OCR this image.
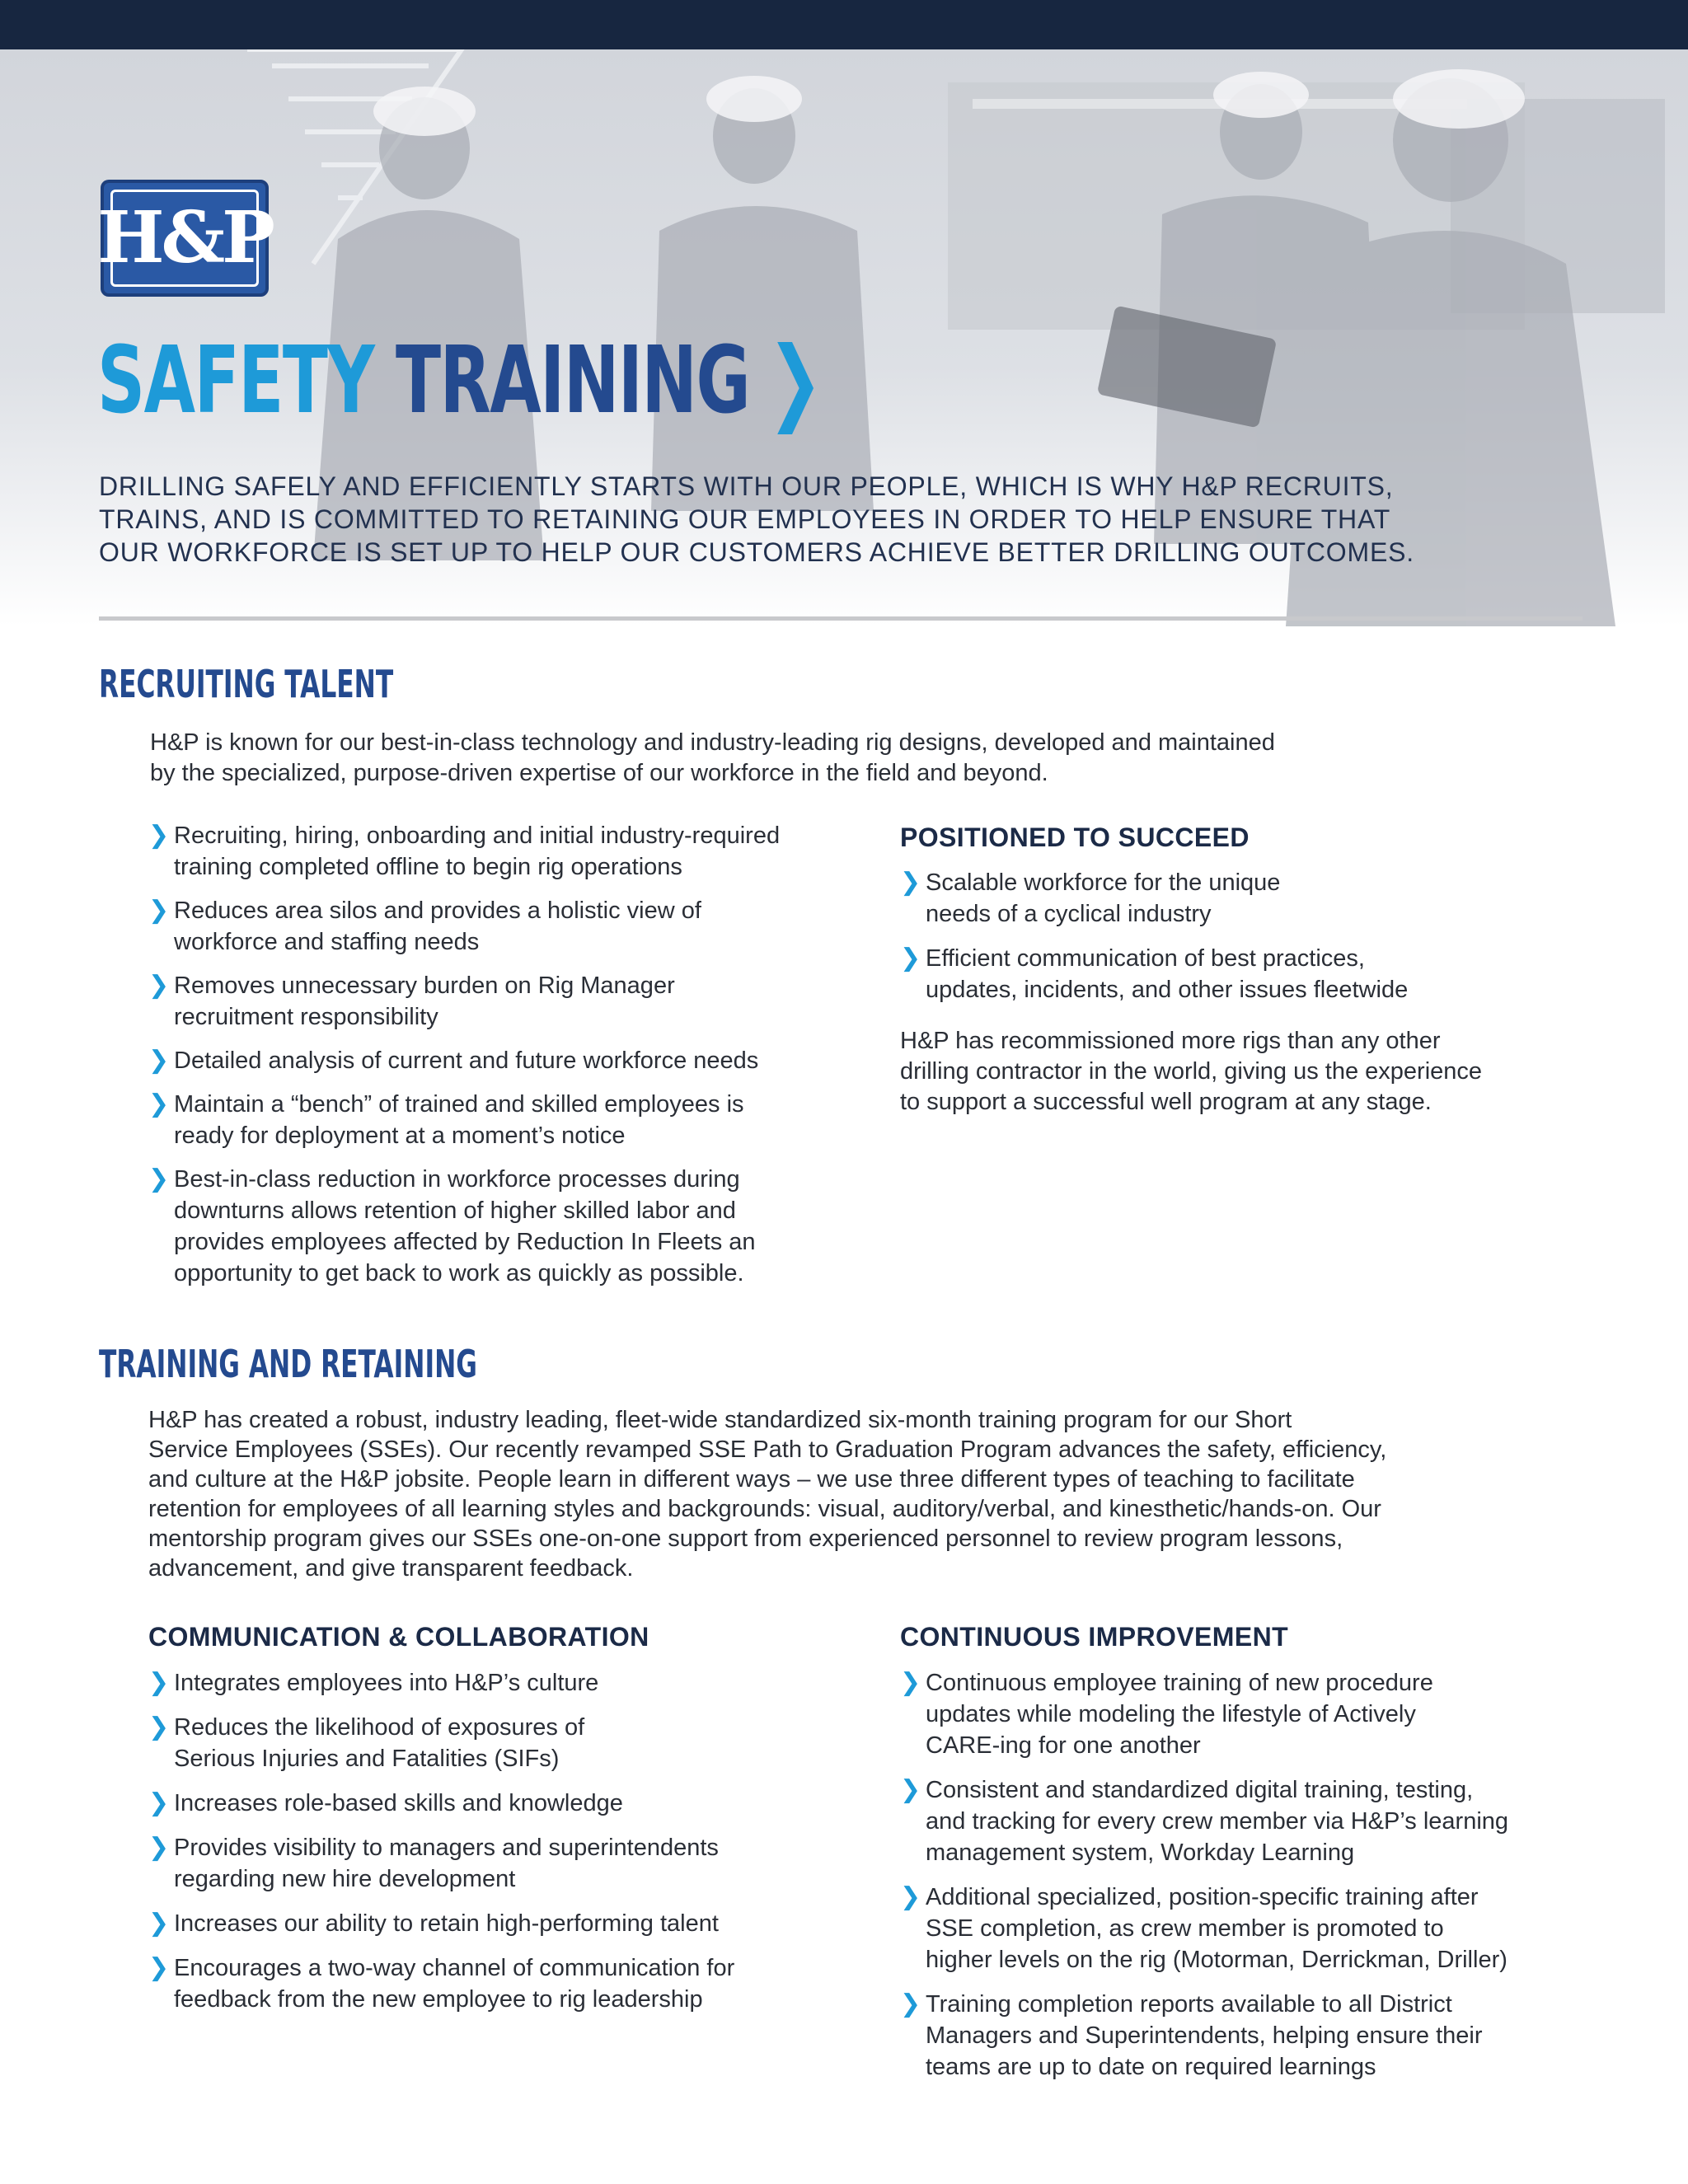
H&P
SAFETY TRAINING ❯
DRILLING SAFELY AND EFFICIENTLY STARTS WITH OUR PEOPLE, WHICH IS WHY H&P RECRUITS,
TRAINS, AND IS COMMITTED TO RETAINING OUR EMPLOYEES IN ORDER TO HELP ENSURE THAT
OUR WORKFORCE IS SET UP TO HELP OUR CUSTOMERS ACHIEVE BETTER DRILLING OUTCOMES.
RECRUITING TALENT
H&P is known for our best-in-class technology and industry-leading rig designs, developed and maintained
by the specialized, purpose-driven expertise of our workforce in the field and beyond.
❯ Recruiting, hiring, onboarding and initial industry-required
training completed offline to begin rig operations
❯ Reduces area silos and provides a holistic view of
workforce and staffing needs
❯ Removes unnecessary burden on Rig Manager
recruitment responsibility
❯ Detailed analysis of current and future workforce needs
❯ Maintain a “bench” of trained and skilled employees is
ready for deployment at a moment’s notice
❯ Best-in-class reduction in workforce processes during
downturns allows retention of higher skilled labor and
provides employees affected by Reduction In Fleets an
opportunity to get back to work as quickly as possible.
POSITIONED TO SUCCEED
❯ Scalable workforce for the unique
needs of a cyclical industry
❯ Efficient communication of best practices,
updates, incidents, and other issues fleetwide
H&P has recommissioned more rigs than any other
drilling contractor in the world, giving us the experience
to support a successful well program at any stage.
TRAINING AND RETAINING
H&P has created a robust, industry leading, fleet-wide standardized six-month training program for our Short
Service Employees (SSEs). Our recently revamped SSE Path to Graduation Program advances the safety, efficiency,
and culture at the H&P jobsite. People learn in different ways – we use three different types of teaching to facilitate
retention for employees of all learning styles and backgrounds: visual, auditory/verbal, and kinesthetic/hands-on. Our
mentorship program gives our SSEs one-on-one support from experienced personnel to review program lessons,
advancement, and give transparent feedback.
COMMUNICATION & COLLABORATION
❯ Integrates employees into H&P’s culture
❯ Reduces the likelihood of exposures of
Serious Injuries and Fatalities (SIFs)
❯ Increases role-based skills and knowledge
❯ Provides visibility to managers and superintendents
regarding new hire development
❯ Increases our ability to retain high-performing talent
❯ Encourages a two-way channel of communication for
feedback from the new employee to rig leadership
CONTINUOUS IMPROVEMENT
❯ Continuous employee training of new procedure
updates while modeling the lifestyle of Actively
CARE-ing for one another
❯ Consistent and standardized digital training, testing,
and tracking for every crew member via H&P’s learning
management system, Workday Learning
❯ Additional specialized, position-specific training after
SSE completion, as crew member is promoted to
higher levels on the rig (Motorman, Derrickman, Driller)
❯ Training completion reports available to all District
Managers and Superintendents, helping ensure their
teams are up to date on required learnings
